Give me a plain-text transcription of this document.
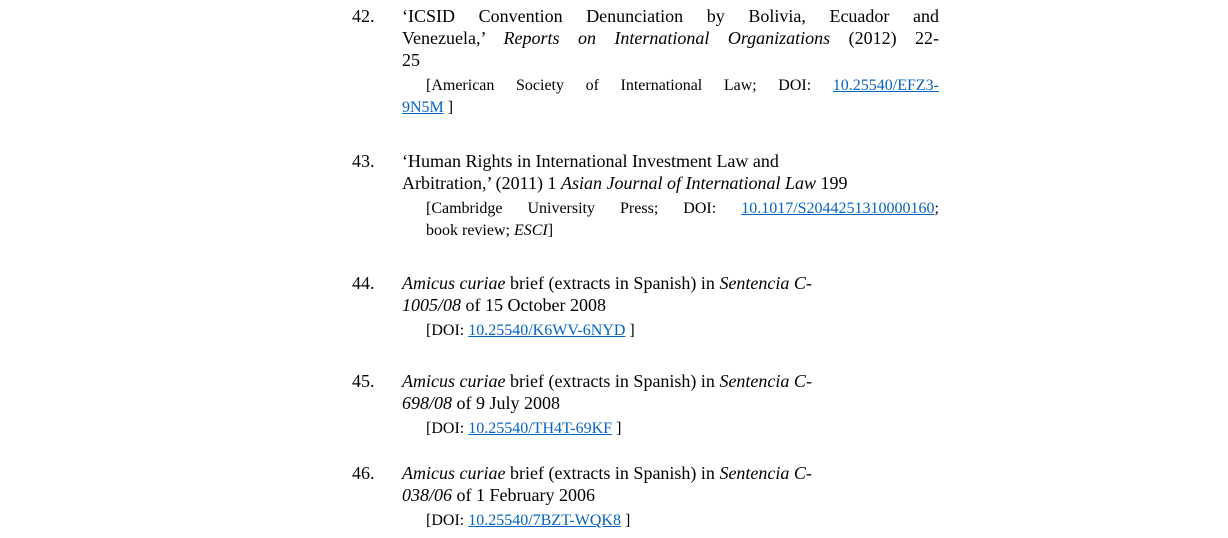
42. ‘ICSID Convention Denunciation by Bolivia, Ecuador and
Venezuela,’ Reports on International Organizations (2012) 22-
25
[American Society of International Law; DOI: 10.25540/EFZ3-
9N5M ]
43. ‘Human Rights in International Investment Law and
Arbitration,’ (2011) 1 Asian Journal of International Law 199
[Cambridge University Press; DOI: 10.1017/S2044251310000160;
book review; ESCI]
44. Amicus curiae brief (extracts in Spanish) in Sentencia C-
1005/08 of 15 October 2008
[DOI: 10.25540/K6WV-6NYD ]
45. Amicus curiae brief (extracts in Spanish) in Sentencia C-
698/08 of 9 July 2008
[DOI: 10.25540/TH4T-69KF ]
46. Amicus curiae brief (extracts in Spanish) in Sentencia C-
038/06 of 1 February 2006
[DOI: 10.25540/7BZT-WQK8 ]
